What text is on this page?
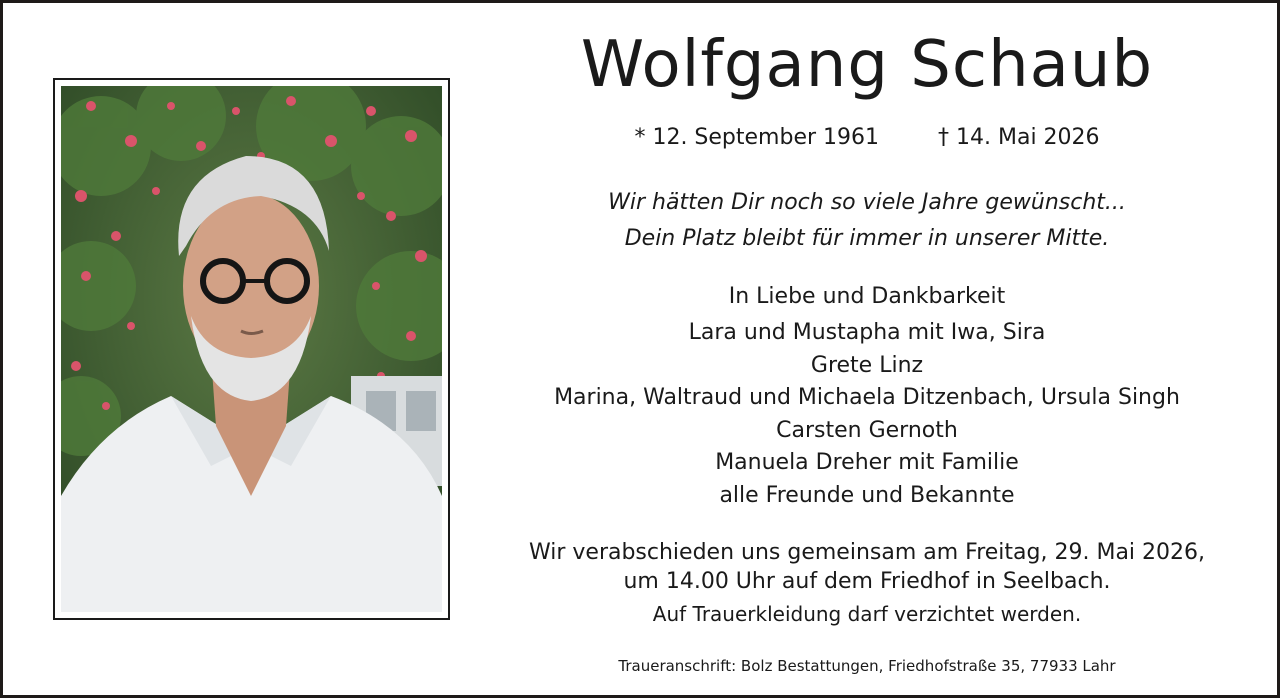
Wolfgang Schaub
* 12. September 1961	† 14. Mai 2026
Wir hätten Dir noch so viele Jahre gewünscht...
Dein Platz bleibt für immer in unserer Mitte.
In Liebe und Dankbarkeit
Lara und Mustapha mit Iwa, Sira
Grete Linz
Marina, Waltraud und Michaela Ditzenbach, Ursula Singh
Carsten Gernoth
Manuela Dreher mit Familie
alle Freunde und Bekannte
Wir verabschieden uns gemeinsam am Freitag, 29. Mai 2026,
um 14.00 Uhr auf dem Friedhof in Seelbach.
Auf Trauerkleidung darf verzichtet werden.
Traueranschrift: Bolz Bestattungen, Friedhofstraße 35, 77933 Lahr
